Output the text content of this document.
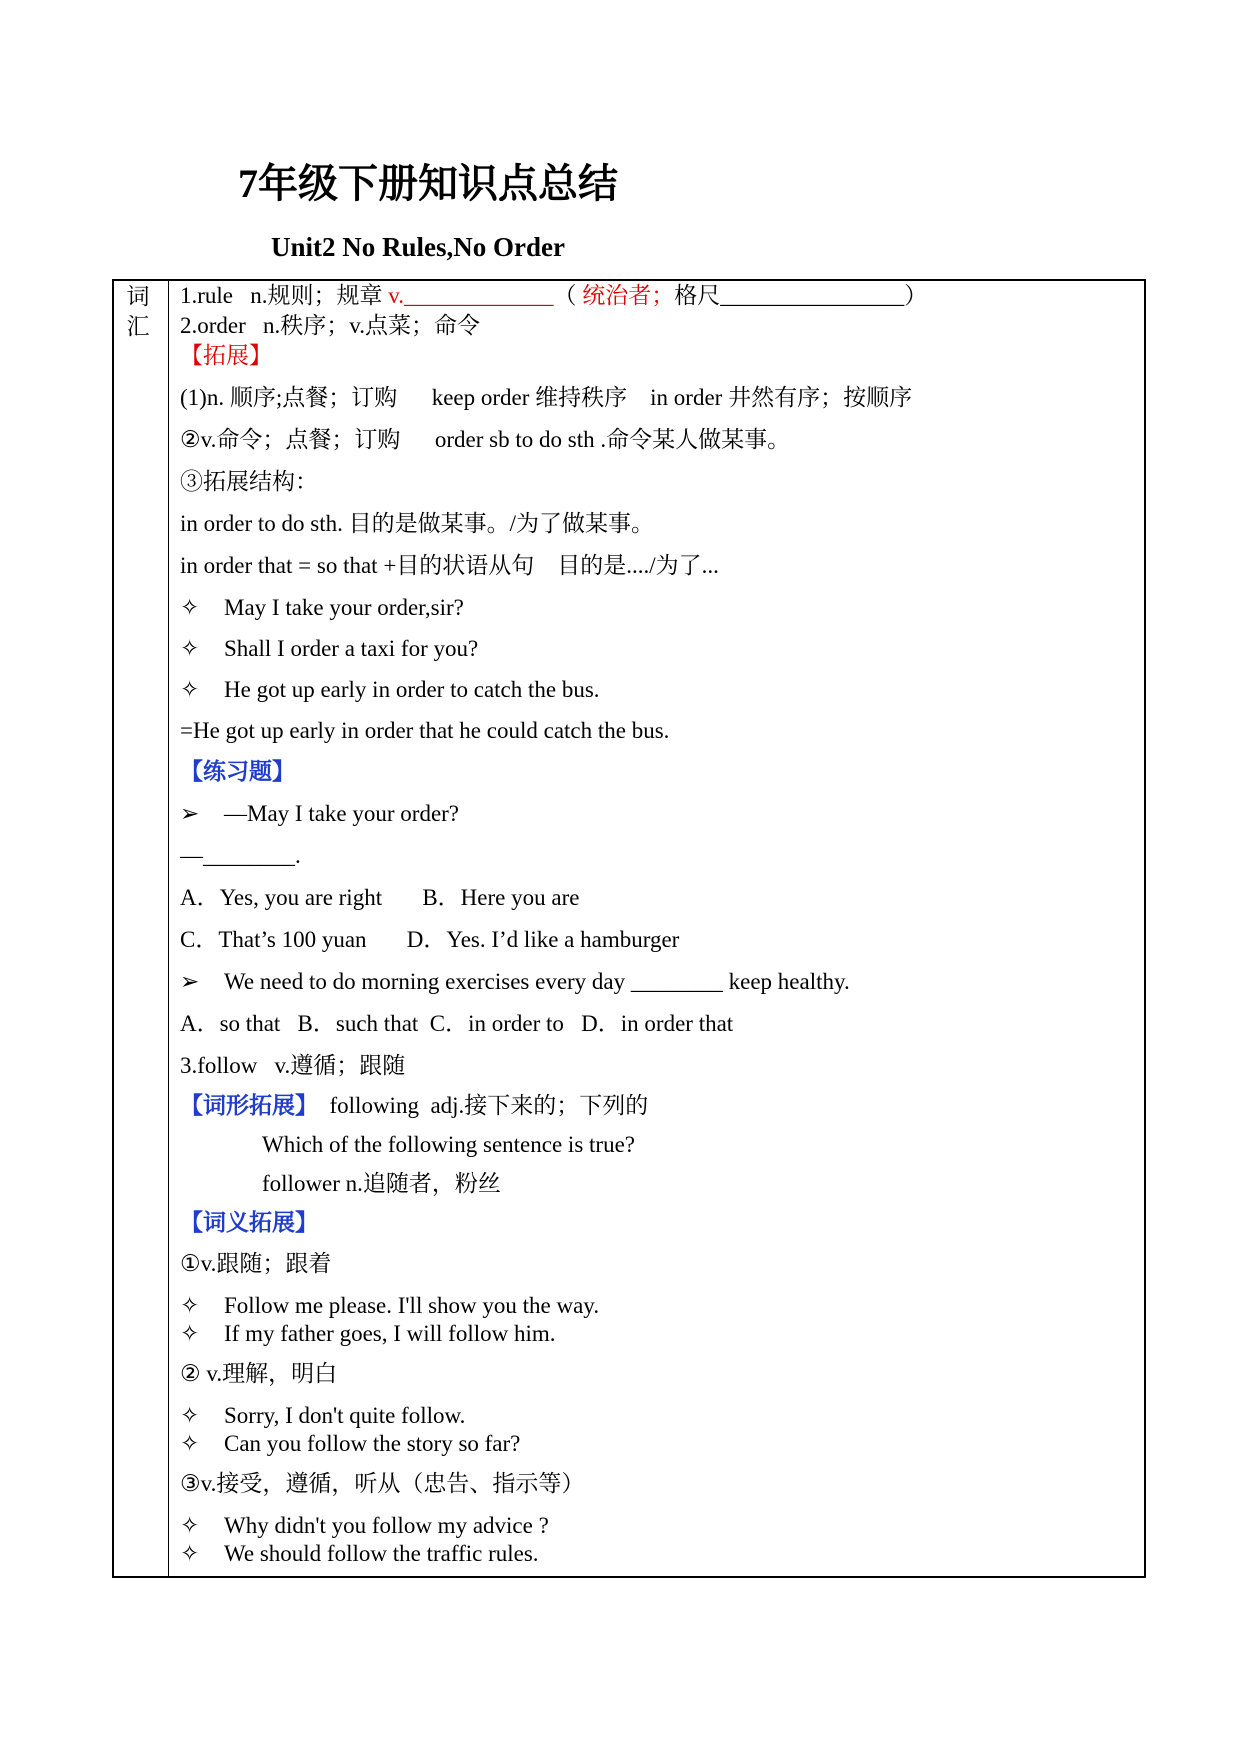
7年级下册知识点总结
Unit2 No Rules,No Order
词
汇

1.rule   n.规则；规章 v._____________（ 统治者；格尺________________）

2.order   n.秩序；v.点菜；命令

【拓展】

(1)n. 顺序;点餐；订购      keep order 维持秩序    in order 井然有序；按顺序

②v.命令；点餐；订购      order sb to do sth .命令某人做某事。

③拓展结构：

in order to do sth. 目的是做某事。/为了做某事。

in order that = so that +目的状语从句    目的是..../为了...

✧ May I take your order,sir?

✧ Shall I order a taxi for you?

✧ He got up early in order to catch the bus.

=He got up early in order that he could catch the bus.

【练习题】

➢ —May I take your order?

—________.

A．Yes, you are right       B．Here you are

C．That’s 100 yuan       D．Yes. I’d like a hamburger

➢ We need to do morning exercises every day ________ keep healthy.

A．so that   B．such that  C．in order to   D．in order that

3.follow   v.遵循；跟随

【词形拓展】  following  adj.接下来的；下列的

Which of the following sentence is true?

follower n.追随者，粉丝

【词义拓展】

①v.跟随；跟着

✧ Follow me please. I'll show you the way.

✧ If my father goes, I will follow him.

② v.理解，明白

✧ Sorry, I don't quite follow.

✧ Can you follow the story so far?

③v.接受，遵循，听从（忠告、指示等）

✧ Why didn't you follow my advice ?

✧ We should follow the traffic rules.
